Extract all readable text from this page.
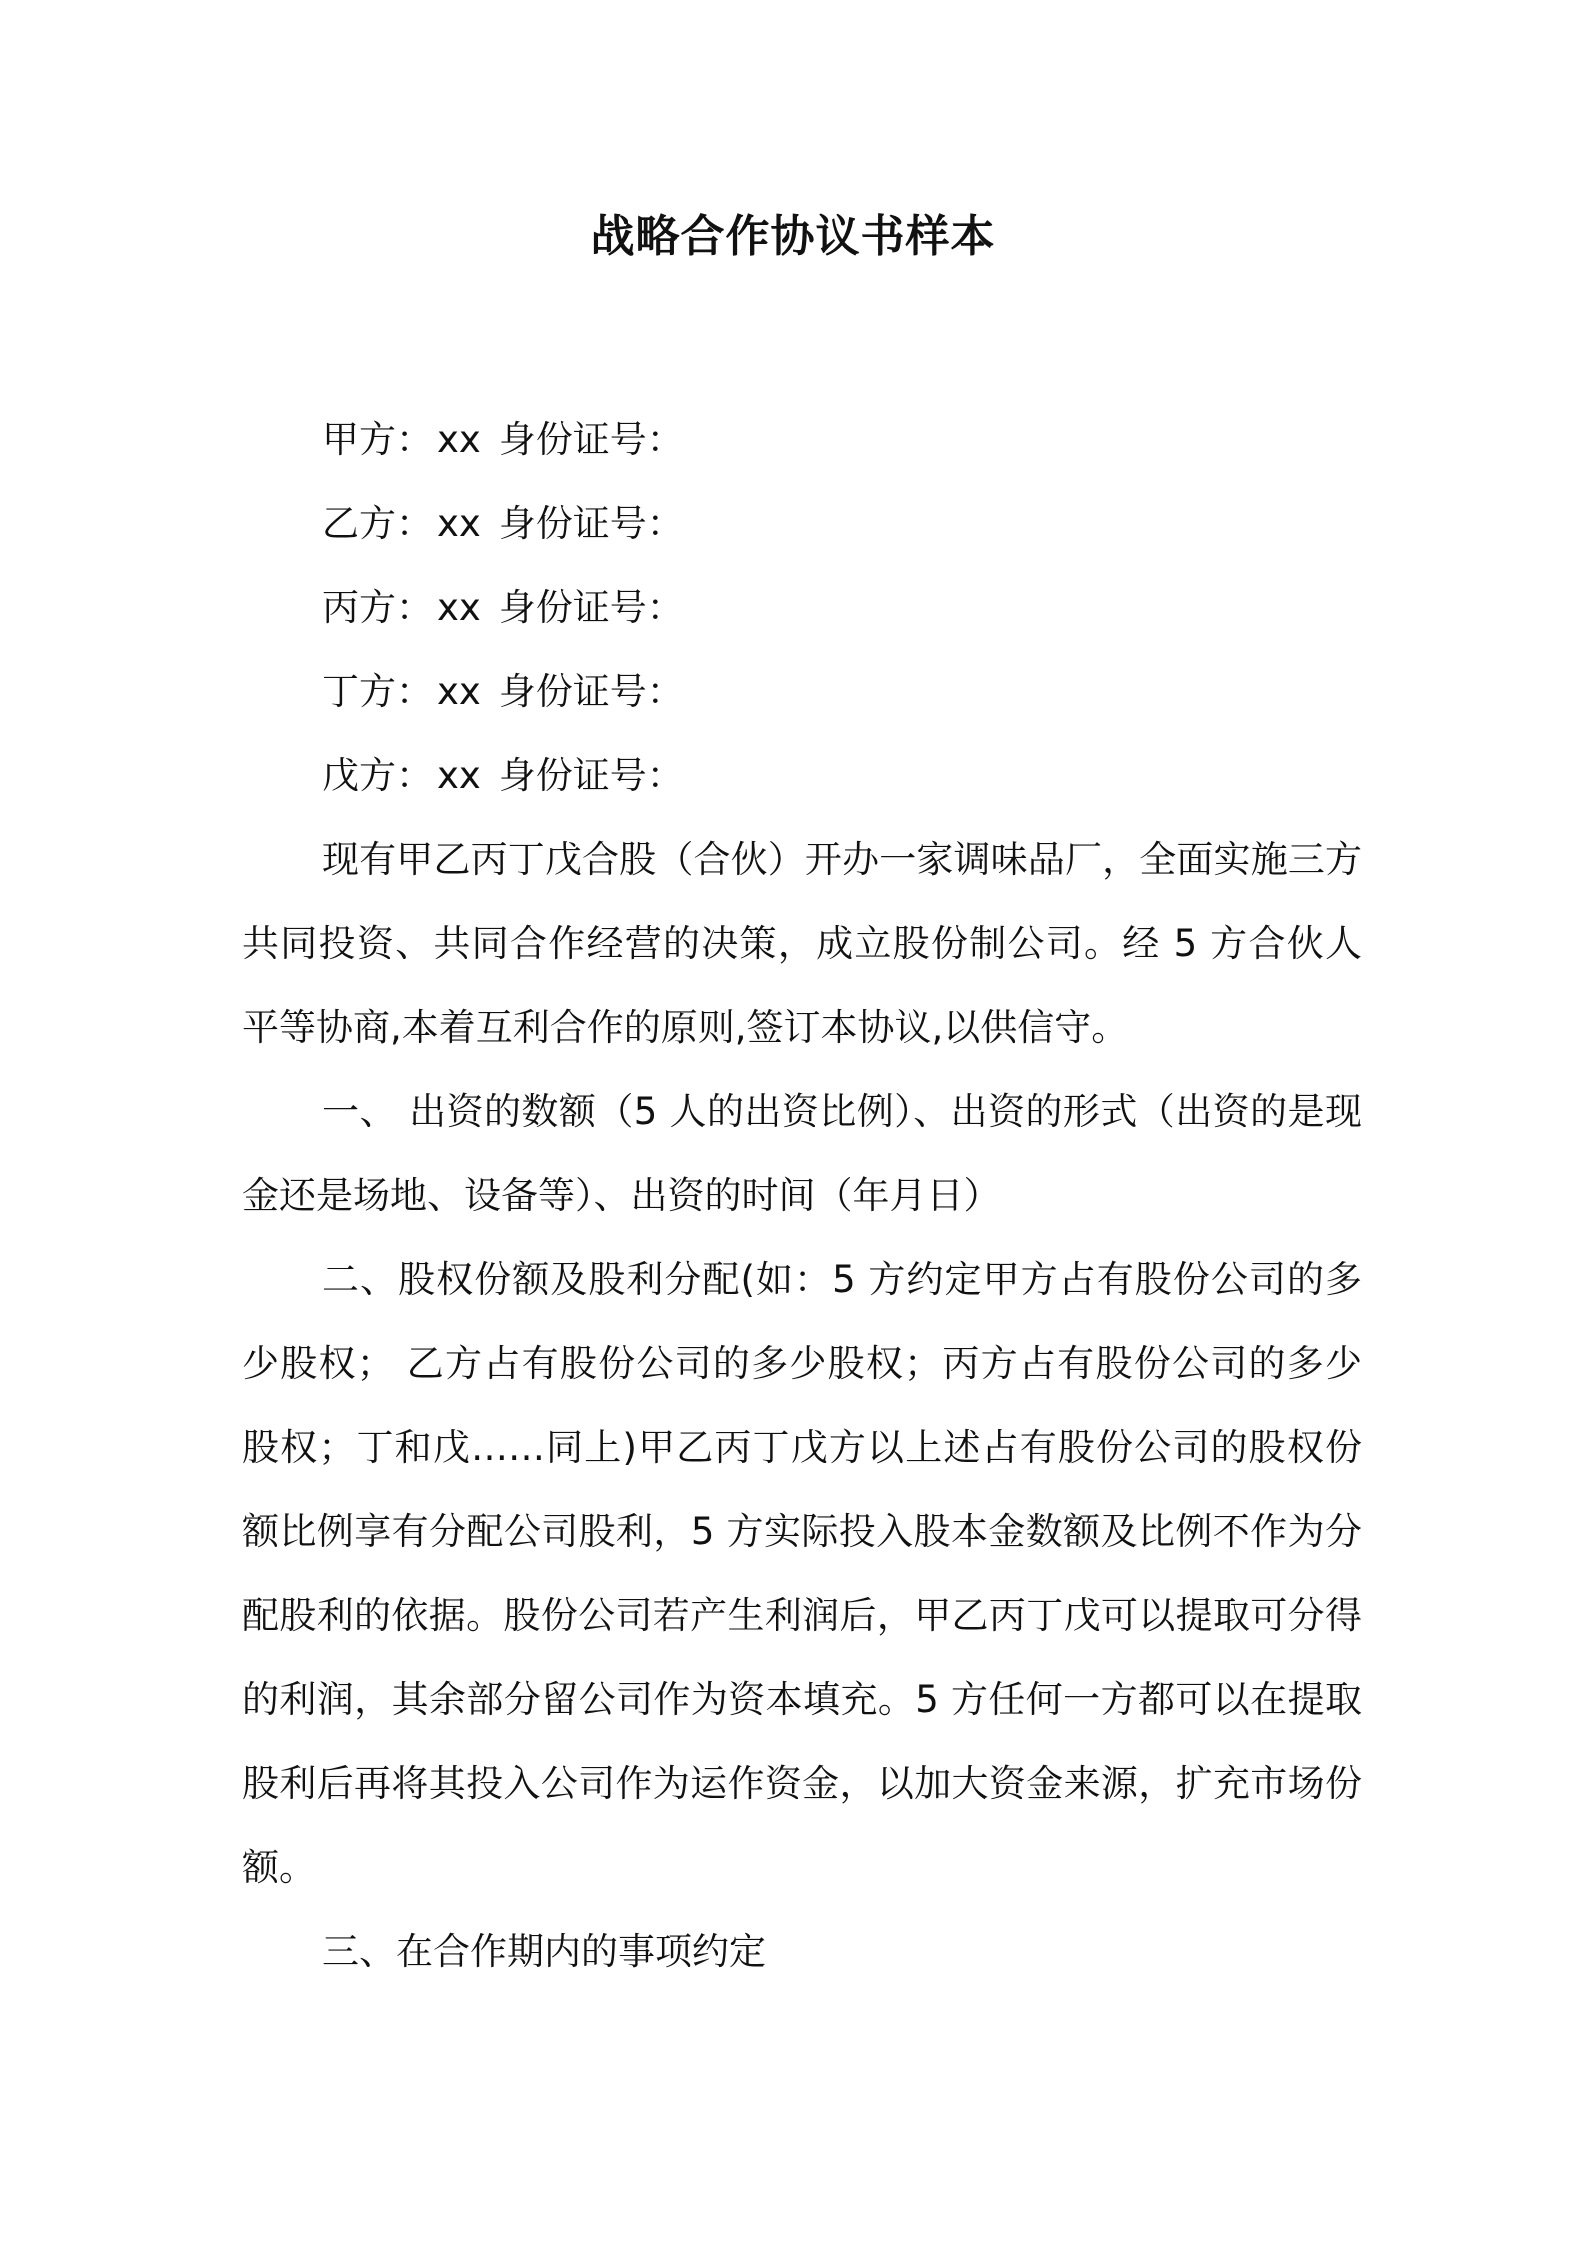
战略合作协议书样本
甲方： xx 身份证号：
乙方： xx 身份证号：
丙方： xx 身份证号：
丁方： xx 身份证号：
戊方： xx 身份证号：

现有甲乙丙丁戊合股（合伙）开办一家调味品厂，全面实施三方共同投资、共同合作经营的决策，成立股份制公司。经 5 方合伙人平等协商,本着互利合作的原则,签订本协议,以供信守。

一、 出资的数额（5 人的出资比例）、出资的形式（出资的是现金还是场地、设备等）、出资的时间（年月日）

二、股权份额及股利分配(如：5 方约定甲方占有股份公司的多少股权； 乙方占有股份公司的多少股权；丙方占有股份公司的多少股权；丁和戊……同上)甲乙丙丁戊方以上述占有股份公司的股权份额比例享有分配公司股利，5 方实际投入股本金数额及比例不作为分配股利的依据。股份公司若产生利润后，甲乙丙丁戊可以提取可分得的利润，其余部分留公司作为资本填充。5 方任何一方都可以在提取股利后再将其投入公司作为运作资金，以加大资金来源，扩充市场份额。

三、在合作期内的事项约定
